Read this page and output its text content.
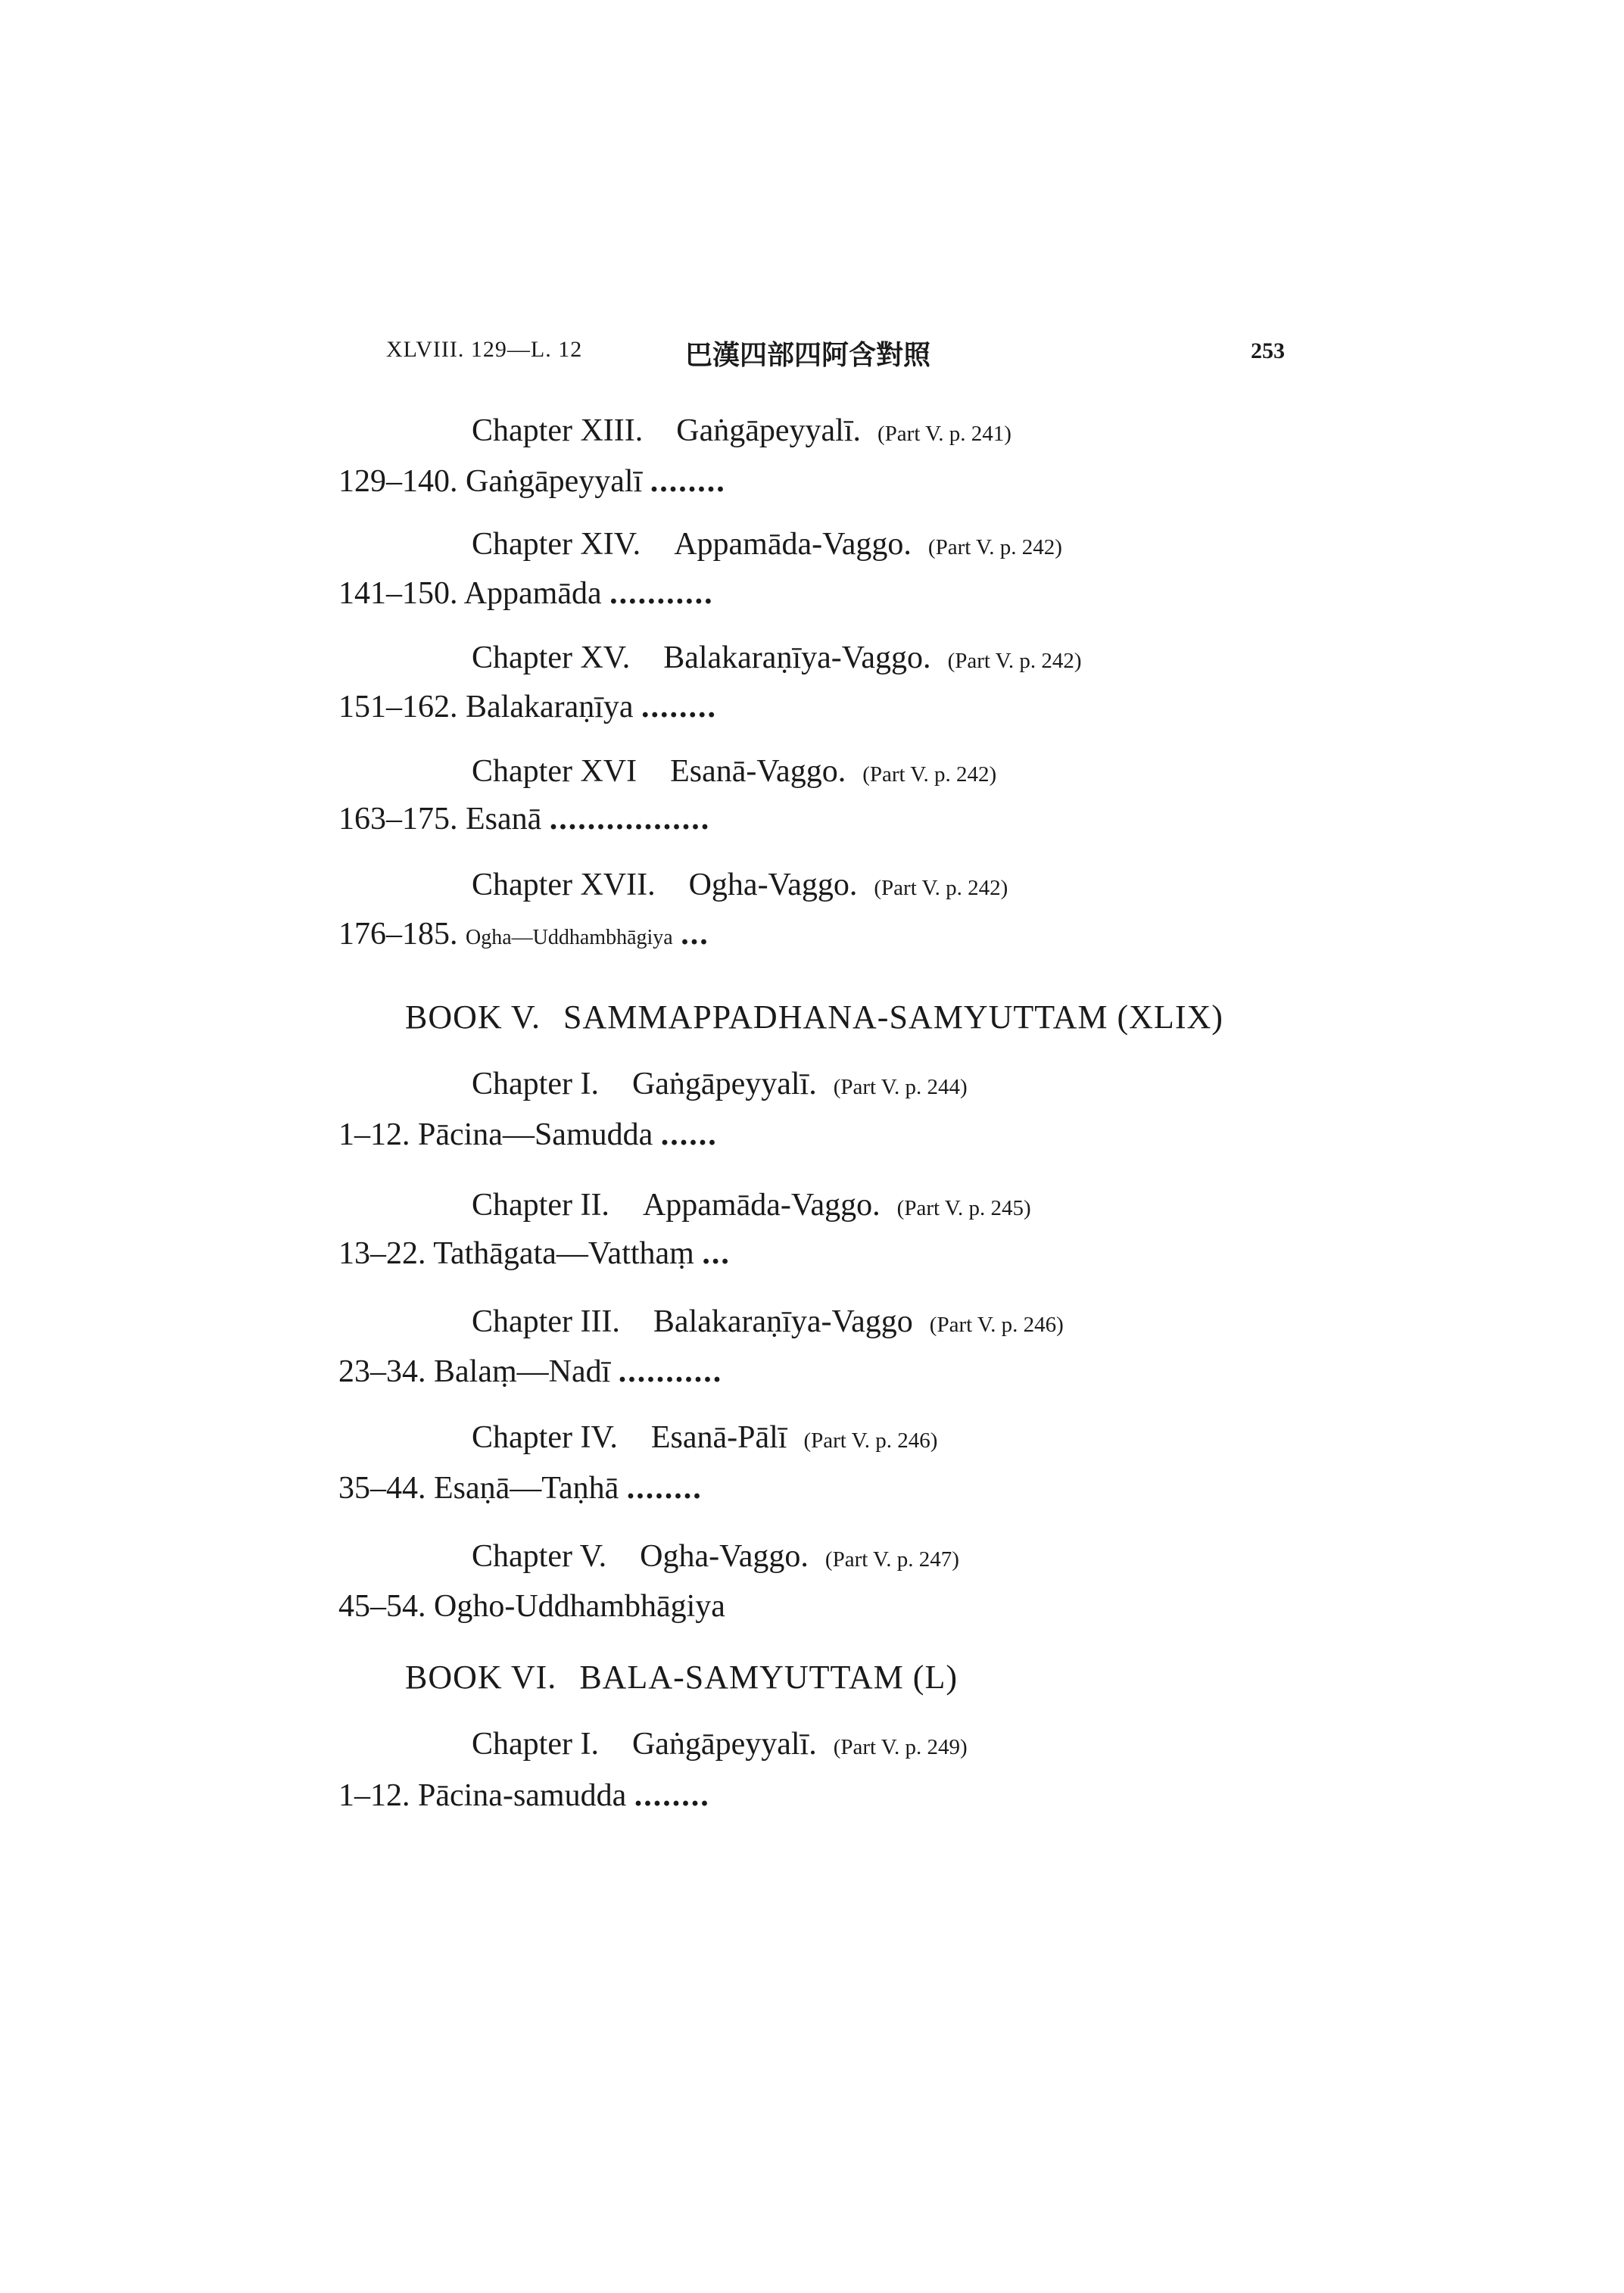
XLVIII. 129—L. 12	巴漢四部四阿含對照	253
Chapter XIII. Gaṅgāpeyyalī. (Part V. p. 241)
129–140. Gaṅgāpeyyalī ........
Chapter XIV. Appamāda-Vaggo. (Part V. p. 242)
141–150. Appamāda ...........
Chapter XV. Balakaraṇīya-Vaggo. (Part V. p. 242)
151–162. Balakaraṇīya ........
Chapter XVI Esanā-Vaggo. (Part V. p. 242)
163–175. Esanā .................
Chapter XVII. Ogha-Vaggo. (Part V. p. 242)
176–185. Ogha—Uddhambhāgiya ...
BOOK V. SAMMAPPADHANA-SAMYUTTAM (XLIX)
Chapter I. Gaṅgāpeyyalī. (Part V. p. 244)
1–12. Pācina—Samudda ......
Chapter II. Appamāda-Vaggo. (Part V. p. 245)
13–22. Tathāgata—Vatthaṃ ...
Chapter III. Balakaraṇīya-Vaggo (Part V. p. 246)
23–34. Balaṃ—Nadī ...........
Chapter IV. Esanā-Pālī (Part V. p. 246)
35–44. Esaṇā—Taṇhā ........
Chapter V. Ogha-Vaggo. (Part V. p. 247)
45–54. Ogho-Uddhambhāgiya
BOOK VI. BALA-SAMYUTTAM (L)
Chapter I. Gaṅgāpeyyalī. (Part V. p. 249)
1–12. Pācina-samudda ........
